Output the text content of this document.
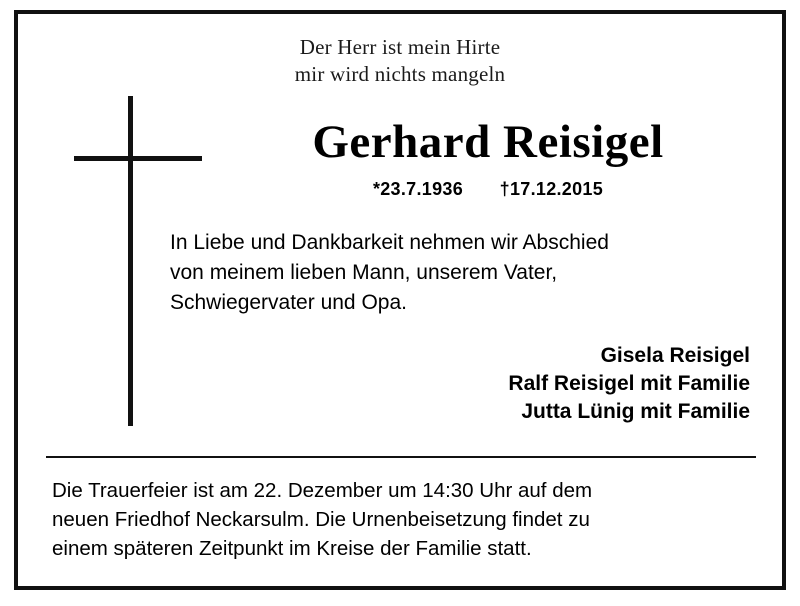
Der Herr ist mein Hirte
mir wird nichts mangeln
Gerhard Reisigel
*23.7.1936 †17.12.2015
In Liebe und Dankbarkeit nehmen wir Abschied
von meinem lieben Mann, unserem Vater,
Schwiegervater und Opa.
Gisela Reisigel
Ralf Reisigel mit Familie
Jutta Lünig mit Familie
Die Trauerfeier ist am 22. Dezember um 14:30 Uhr auf dem
neuen Friedhof Neckarsulm. Die Urnenbeisetzung findet zu
einem späteren Zeitpunkt im Kreise der Familie statt.
